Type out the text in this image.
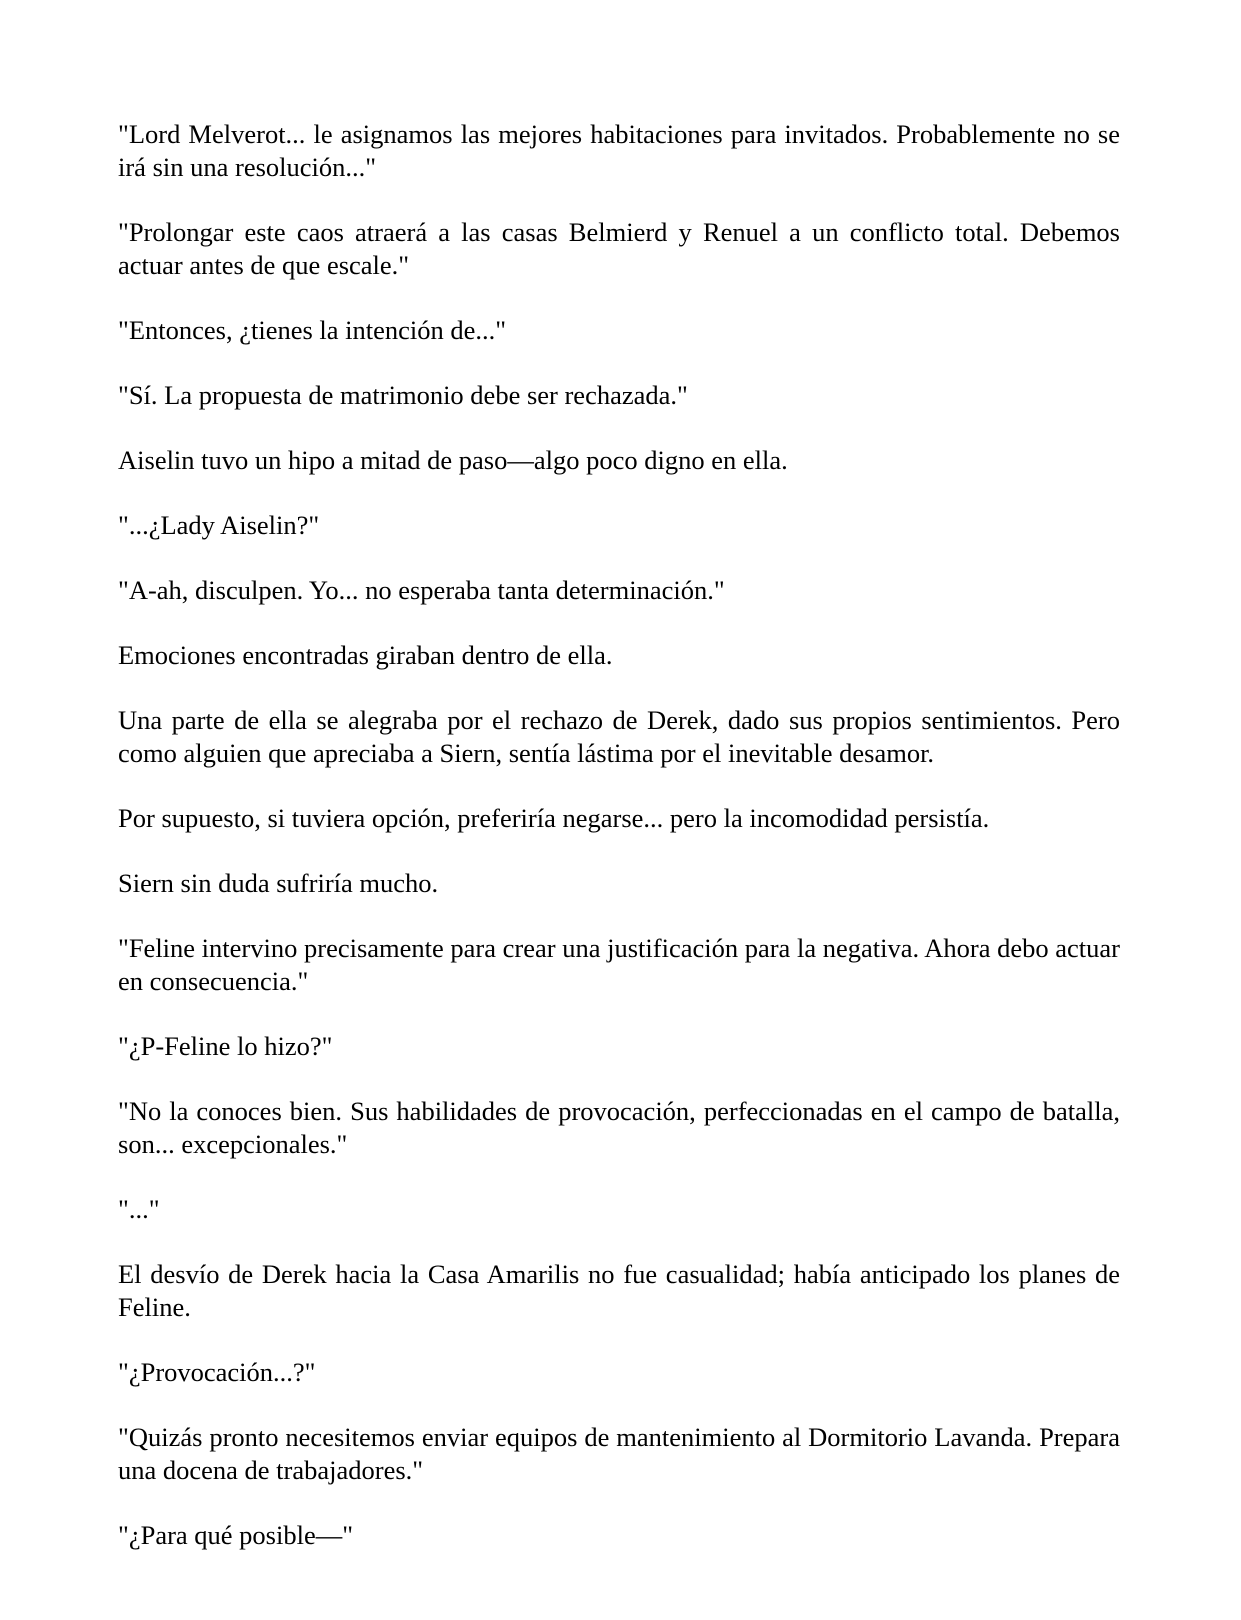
"Lord Melverot... le asignamos las mejores habitaciones para invitados. Probablemente no se irá sin una resolución..."

"Prolongar este caos atraerá a las casas Belmierd y Renuel a un conflicto total. Debemos actuar antes de que escale."

"Entonces, ¿tienes la intención de..."

"Sí. La propuesta de matrimonio debe ser rechazada."

Aiselin tuvo un hipo a mitad de paso—algo poco digno en ella.

"...¿Lady Aiselin?"

"A-ah, disculpen. Yo... no esperaba tanta determinación."

Emociones encontradas giraban dentro de ella.

Una parte de ella se alegraba por el rechazo de Derek, dado sus propios sentimientos. Pero como alguien que apreciaba a Siern, sentía lástima por el inevitable desamor.

Por supuesto, si tuviera opción, preferiría negarse... pero la incomodidad persistía.

Siern sin duda sufriría mucho.

"Feline intervino precisamente para crear una justificación para la negativa. Ahora debo actuar en consecuencia."

"¿P-Feline lo hizo?"

"No la conoces bien. Sus habilidades de provocación, perfeccionadas en el campo de batalla, son... excepcionales."

"..."

El desvío de Derek hacia la Casa Amarilis no fue casualidad; había anticipado los planes de Feline.

"¿Provocación...?"

"Quizás pronto necesitemos enviar equipos de mantenimiento al Dormitorio Lavanda. Prepara una docena de trabajadores."

"¿Para qué posible—"
